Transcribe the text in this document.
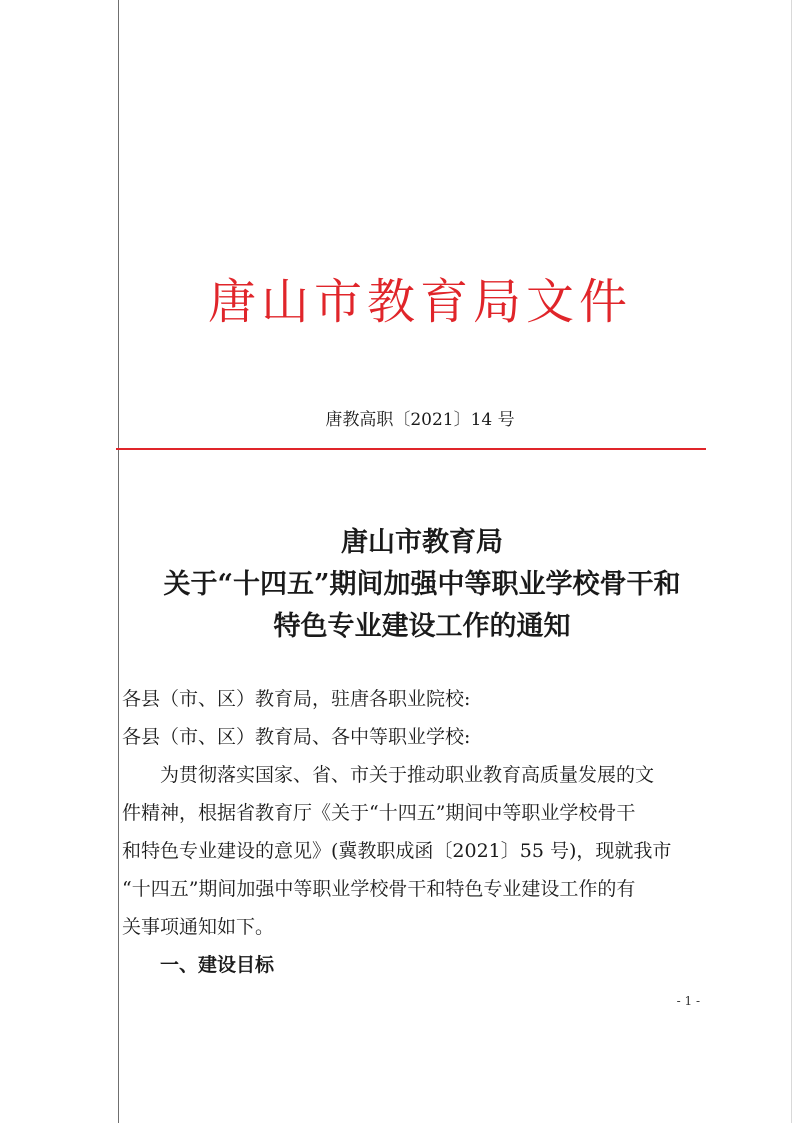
唐山市教育局文件
唐教高职〔2021〕14 号
唐山市教育局
关于“十四五”期间加强中等职业学校骨干和
特色专业建设工作的通知

各县（市、区）教育局，驻唐各职业院校:

各县（市、区）教育局、各中等职业学校:

为贯彻落实国家、省、市关于推动职业教育高质量发展的文

件精神，根据省教育厅《关于“十四五”期间中等职业学校骨干

和特色专业建设的意见》(冀教职成函〔2021〕55 号)，现就我市

“十四五”期间加强中等职业学校骨干和特色专业建设工作的有

关事项通知如下。

一、建设目标

- 1 -
